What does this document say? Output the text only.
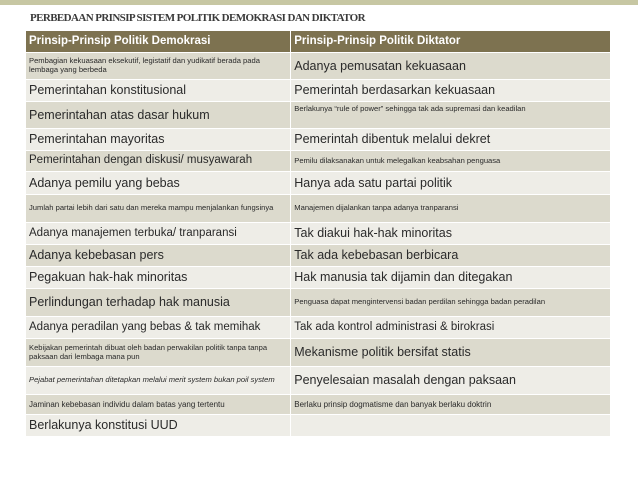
PERBEDAAN PRINSIP SISTEM POLITIK DEMOKRASI DAN DIKTATOR
Prinsip-Prinsip Politik Demokrasi	Prinsip-Prinsip Politik Diktator
Pembagian kekuasaan eksekutif, legistatif dan yudikatif berada pada lembaga yang berbeda	Adanya pemusatan kekuasaan
Pemerintahan konstitusional	Pemerintah berdasarkan kekuasaan
Pemerintahan atas dasar hukum	Berlakunya “rule of power” sehingga tak ada supremasi dan keadilan
Pemerintahan mayoritas	Pemerintah dibentuk melalui dekret
Pemerintahan dengan diskusi/ musyawarah	Pemilu dilaksanakan untuk melegalkan keabsahan penguasa
Adanya pemilu yang bebas	Hanya ada satu partai politik
Jumlah partai lebih dari satu dan mereka mampu menjalankan fungsinya	Manajemen dijalankan tanpa adanya tranparansi
Adanya manajemen terbuka/ tranparansi	Tak diakui hak-hak minoritas
Adanya kebebasan pers	Tak ada kebebasan berbicara
Pegakuan hak-hak minoritas	Hak manusia tak dijamin dan ditegakan
Perlindungan terhadap hak manusia	Penguasa dapat mengintervensi badan perdilan sehingga badan peradilan
Adanya peradilan yang bebas & tak memihak	Tak ada kontrol administrasi & birokrasi
Kebijakan pemerintah dibuat oleh badan perwakilan politik tanpa tanpa paksaan dari lembaga mana pun	Mekanisme politik bersifat statis
Pejabat pemerintahan ditetapkan melalui merit system bukan poil system	Penyelesaian masalah dengan paksaan
Jaminan kebebasan individu dalam batas yang tertentu	Berlaku prinsip dogmatisme dan banyak berlaku doktrin
Berlakunya konstitusi UUD	
